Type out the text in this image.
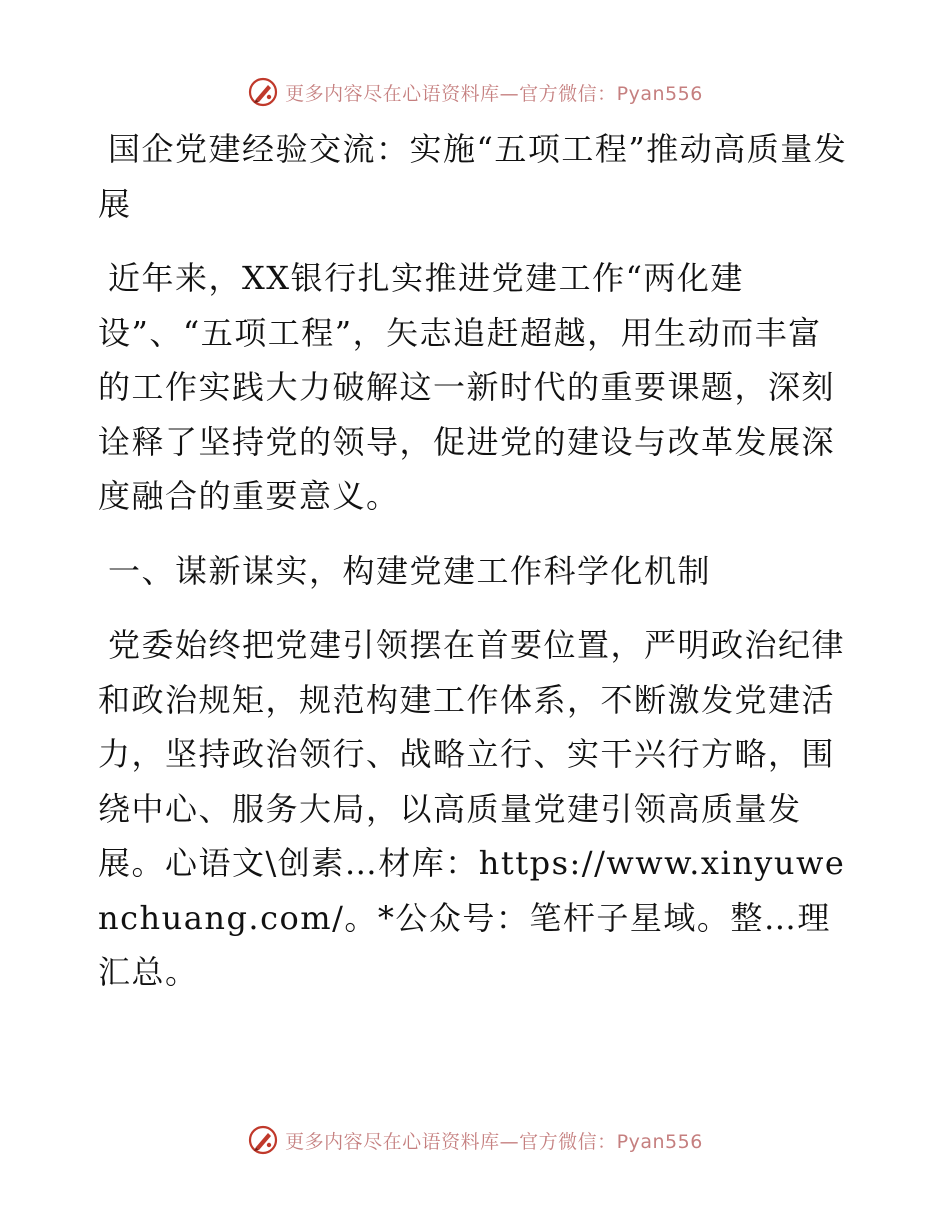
更多内容尽在心语资料库—官方微信：Pyan556

国企党建经验交流：实施“五项工程”推动高质量发展

近年来，XX银行扎实推进党建工作“两化建设”、“五项工程”，矢志追赶超越，用生动而丰富的工作实践大力破解这一新时代的重要课题，深刻诠释了坚持党的领导，促进党的建设与改革发展深度融合的重要意义。

一、谋新谋实，构建党建工作科学化机制

党委始终把党建引领摆在首要位置，严明政治纪律和政治规矩，规范构建工作体系，不断激发党建活力，坚持政治领行、战略立行、实干兴行方略，围绕中心、服务大局，以高质量党建引领高质量发展。心语文\创素…材库：https://www.xinyuwenchuang.com/。*公众号：笔杆子星域。整…理汇总。

更多内容尽在心语资料库—官方微信：Pyan556
